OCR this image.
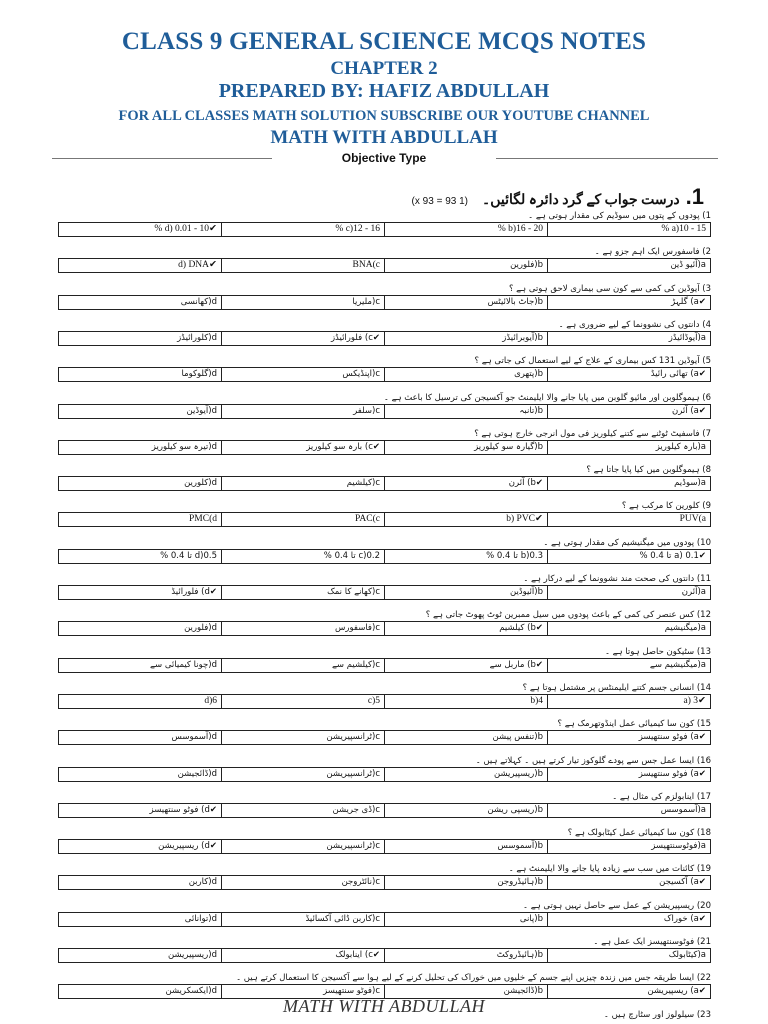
CLASS 9 GENERAL SCIENCE MCQS NOTES
CHAPTER 2
PREPARED BY: HAFIZ ABDULLAH
FOR ALL CLASSES MATH SOLUTION SUBSCRIBE OUR YOUTUBE CHANNEL
MATH WITH ABDULLAH
Objective Type
1.
درست جواب کے گرد دائرہ لگائیں۔
(1 x 93 = 93)
1) پودوں کے پتوں میں سوڈیم کی مقدار ہوتی ہے ۔
15 - 10(a %
20 - 16(b %
16 - 12(c %
✔d) 0.01 - 10 %
2) فاسفورس ایک اہم جزو ہے ۔
a(آئیو ڈین
b(فلورین
BNA(c
✔d) DNA
3) آیوڈین کی کمی سے کون سی بیماری لاحق ہوتی ہے ؟
✔a) گلہڑ
b(جاٹ بالائیٹس
c(ملیریا
d(کھانسی
4) دانتوں کی نشوونما کے لیے ضروری ہے ۔
a(آیوڈائیڈز
b(آیوبرائیڈز
✔c) فلورائیڈز
d(کلورائیڈز
5) آیوڈین 131 کس بیماری کے علاج کے لیے استعمال کی جاتی ہے ؟
✔a) تھائی رائیڈ
b(پتھری
c(اپنڈیکس
d(گلوکوما
6) ہیموگلوبن اور مائیو گلوبن میں پایا جانے والا ایلیمنٹ جو آکسیجن کی ترسیل کا باعث ہے ۔
✔a) آئرن
b(تانبہ
c(سلفر
d(آیوڈین
7) فاسفیٹ ٹوٹنے سے کتنے کیلوریز فی مول انرجی خارج ہوتی ہے ؟
a(بارہ کیلوریز
b(گیارہ سو کیلوریز
✔c) بارہ سو کیلوریز
d(تیرہ سو کیلوریز
8) ہیموگلوبن میں کیا پایا جاتا ہے ؟
a(سوڈیم
✔b) آئرن
c(کیلشیم
d(کلورین
9) کلورین کا مرکب ہے ؟
PUV(a
✔b) PVC
PAC(c
PMC(d
10) پودوں میں میگنیشیم کی مقدار ہوتی ہے ۔
✔a) 0.1 تا 0.4 %
0.3(b تا 0.4 %
0.2(c تا 0.4 %
0.5(d تا 0.4 %
11) دانتوں کی صحت مند نشوونما کے لیے درکار ہے ۔
a(آئرن
b(آئیوڈین
c(کھانے کا نمک
✔d) فلورائیڈ
12) کس عنصر کی کمی کے باعث پودوں میں سیل ممبرین ٹوٹ پھوٹ جاتی ہے ؟
a(میگنیشیم
✔b) کیلشیم
c(فاسفورس
d(فلورین
13) سٹیکون حاصل ہوتا ہے ۔
a(میگنیشیم سے
✔b) ماربل سے
c(کیلشیم سے
d(چونا کیمیائی سے
14) انسانی جسم کتنے ایلیمنٹس پر مشتمل ہوتا ہے ؟
✔a) 3
4(b
5(c
6(d
15) کون سا کیمیائی عمل اینڈوتھرمک ہے ؟
✔a) فوٹو سنتھیسز
b(تنفس پیشن
c(ٹرانسپیریشن
d(آسموسس
16) ایسا عمل جس سے پودے گلوکوز تیار کرتے ہیں ۔ کہلاتے ہیں ۔
✔a) فوٹو سنتھیسز
b(ریسپیریشن
c(ٹرانسپیریشن
d(ڈائجیشن
17) اینابولزم کی مثال ہے ۔
a(آسموسس
b(ریسپی ریشن
c(ڈی جریشن
✔d) فوٹو سنتھیسز
18) کون سا کیمیائی عمل کیٹابولک ہے ؟
a(فوٹوسنتھیسز
b(آسموسس
c(ٹرانسپیریشن
✔d) ریسپیریشن
19) کائنات میں سب سے زیادہ پایا جانے والا ایلیمنٹ ہے ۔
✔a) آکسیجن
b(ہائیڈروجن
c(نائٹروجن
d(کاربن
20) ریسپیریشن کے عمل سے حاصل نہیں ہوتی ہے ۔
✔a) خوراک
b(پانی
c(کاربن ڈائی آکسائیڈ
d(توانائی
21) فوٹوسنتھیسز ایک عمل ہے ۔
a(کیٹابولک
b(ہائیڈروکٹ
✔c) اینابولک
d(ریسپیریشن
22) ایسا طریقہ جس میں زندہ چیزیں اپنے جسم کے خلیوں میں خوراک کی تحلیل کرنے کے لیے ہوا سے آکسیجن کا استعمال کرتے ہیں ۔
✔a) ریسپیریشن
b(ڈائجیشن
c(فوٹو سنتھیسز
d(ایکسکریشن
23) سیلولوز اور سٹارچ ہیں ۔
MATH WITH ABDULLAH
